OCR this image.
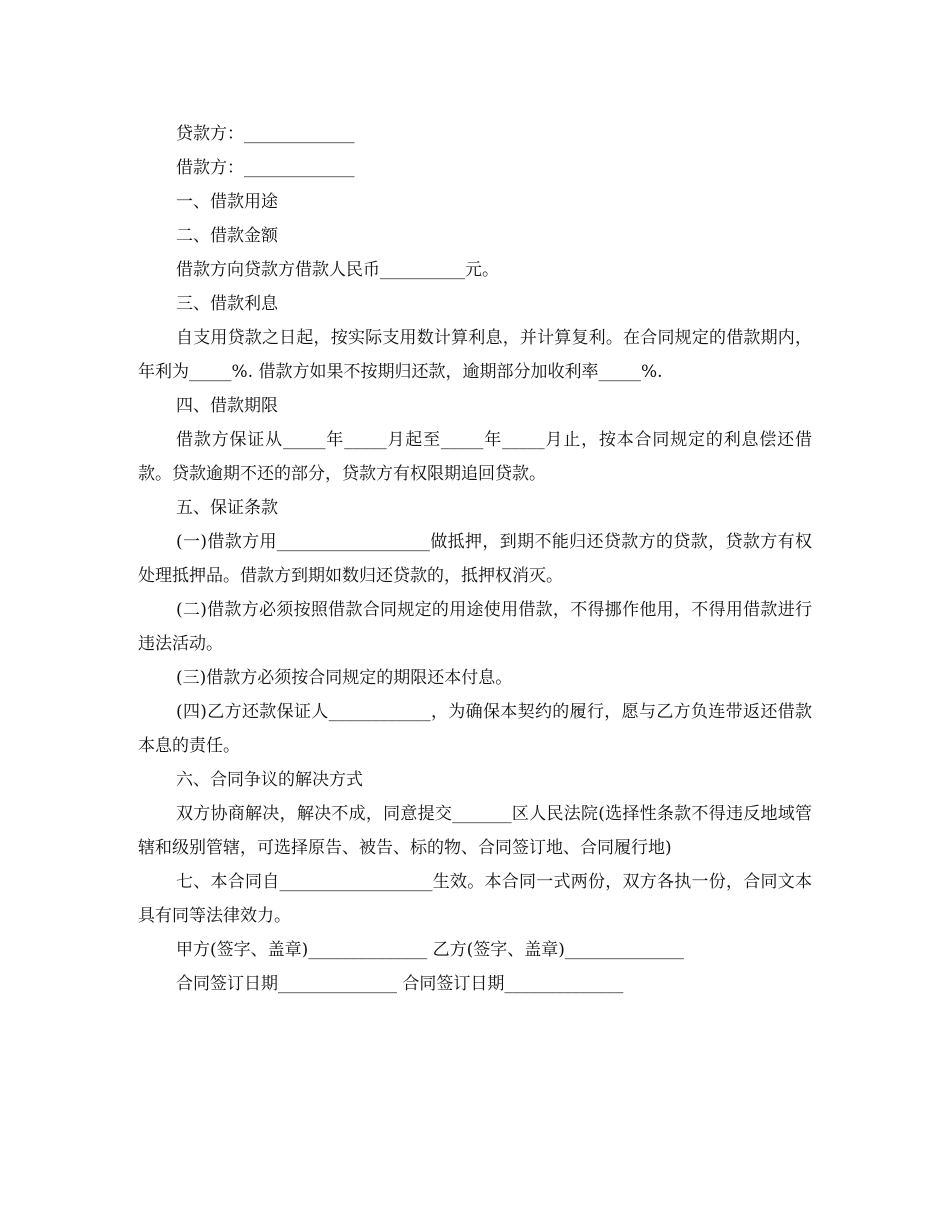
贷款方：_____________
借款方：_____________
一、借款用途
二、借款金额
借款方向贷款方借款人民币__________元。
三、借款利息
自支用贷款之日起，按实际支用数计算利息，并计算复利。在合同规定的借款期内，年利为_____%. 借款方如果不按期归还款，逾期部分加收利率_____%.
四、借款期限
借款方保证从_____年_____月起至_____年_____月止，按本合同规定的利息偿还借款。贷款逾期不还的部分，贷款方有权限期追回贷款。
五、保证条款
(一)借款方用__________________做抵押，到期不能归还贷款方的贷款，贷款方有权处理抵押品。借款方到期如数归还贷款的，抵押权消灭。
(二)借款方必须按照借款合同规定的用途使用借款，不得挪作他用，不得用借款进行违法活动。
(三)借款方必须按合同规定的期限还本付息。
(四)乙方还款保证人____________，为确保本契约的履行，愿与乙方负连带返还借款本息的责任。
六、合同争议的解决方式
双方协商解决，解决不成，同意提交_______区人民法院(选择性条款不得违反地域管辖和级别管辖，可选择原告、被告、标的物、合同签订地、合同履行地)
七、本合同自__________________生效。本合同一式两份，双方各执一份，合同文本具有同等法律效力。
甲方(签字、盖章)______________ 乙方(签字、盖章)______________
合同签订日期______________ 合同签订日期______________
